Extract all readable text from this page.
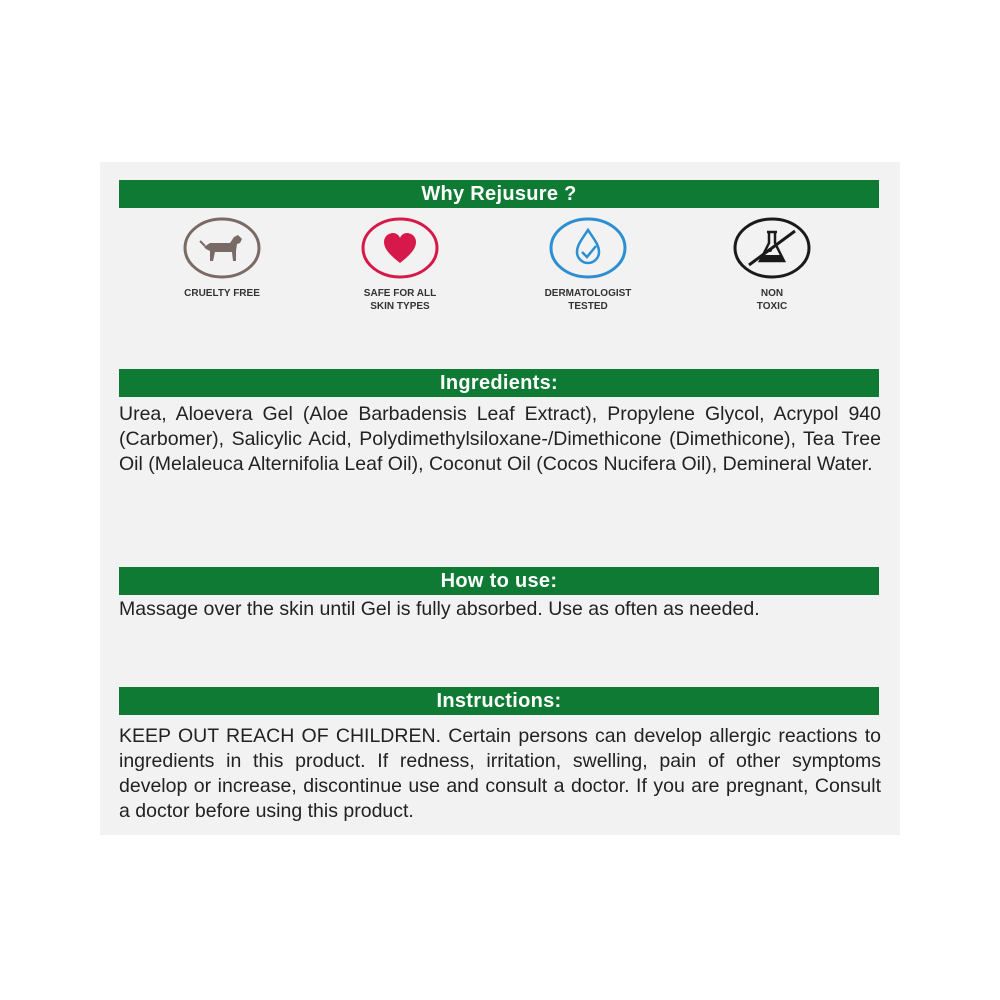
Why Rejusure ?
CRUELTY FREE	SAFE FOR ALL
SKIN TYPES
DERMATOLOGIST
TESTED
NON
TOXIC
Ingredients:
Urea, Aloevera Gel (Aloe Barbadensis Leaf Extract), Propylene Glycol, Acrypol 940 (Carbomer), Salicylic Acid, Polydimethylsiloxane-/Dimethicone (Dimethicone), Tea Tree Oil (Melaleuca Alternifolia Leaf Oil), Coconut Oil (Cocos Nucifera Oil), Demineral Water.
How to use:
Massage over the skin until Gel is fully absorbed. Use as often as needed.
Instructions:
KEEP OUT REACH OF CHILDREN. Certain persons can develop allergic reactions to ingredients in this product. If redness, irritation, swelling, pain of other symptoms develop or increase, discontinue use and consult a doctor. If you are pregnant, Consult a doctor before using this product.
